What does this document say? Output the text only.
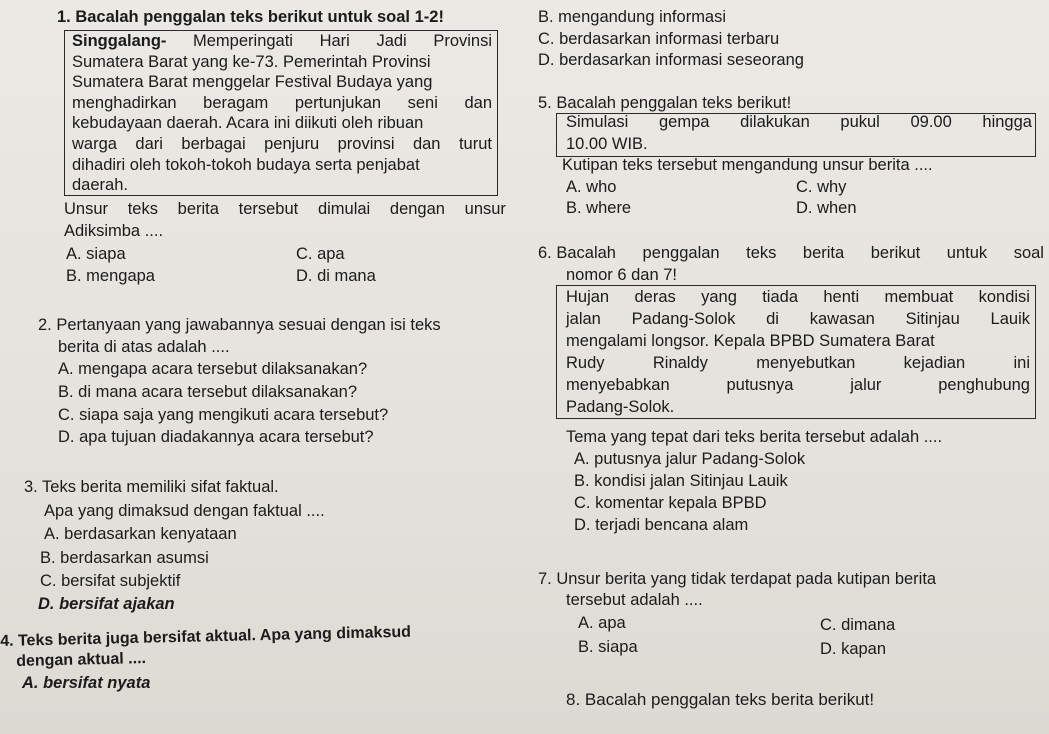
1. Bacalah penggalan teks berikut untuk soal 1-2!
Singgalang- Memperingati Hari Jadi Provinsi
Sumatera Barat yang ke-73. Pemerintah Provinsi
Sumatera Barat menggelar Festival Budaya yang
menghadirkan beragam pertunjukan seni dan
kebudayaan daerah. Acara ini diikuti oleh ribuan
warga dari berbagai penjuru provinsi dan turut
dihadiri oleh tokoh-tokoh budaya serta penjabat
daerah.
Unsur teks berita tersebut dimulai dengan unsur
Adiksimba ....
A. siapa	C. apa
B. mengapa	D. di mana
2. Pertanyaan yang jawabannya sesuai dengan isi teks
berita di atas adalah ....
A. mengapa acara tersebut dilaksanakan?
B. di mana acara tersebut dilaksanakan?
C. siapa saja yang mengikuti acara tersebut?
D. apa tujuan diadakannya acara tersebut?
3. Teks berita memiliki sifat faktual.
Apa yang dimaksud dengan faktual ....
A. berdasarkan kenyataan
B. berdasarkan asumsi
C. bersifat subjektif
D. bersifat ajakan
4. Teks berita juga bersifat aktual. Apa yang dimaksud
dengan aktual ....
A. bersifat nyata
B. mengandung informasi
C. berdasarkan informasi terbaru
D. berdasarkan informasi seseorang
5. Bacalah penggalan teks berikut!
Simulasi gempa dilakukan pukul 09.00 hingga
10.00 WIB.
Kutipan teks tersebut mengandung unsur berita ....
A. who	C. why
B. where	D. when
6. Bacalah penggalan teks berita berikut untuk soal
nomor 6 dan 7!
Hujan deras yang tiada henti membuat kondisi
jalan Padang-Solok di kawasan Sitinjau Lauik
mengalami longsor. Kepala BPBD Sumatera Barat
Rudy	Rinaldy	menyebutkan	kejadian	ini
menyebabkan	putusnya	jalur	penghubung
Padang-Solok.
Tema yang tepat dari teks berita tersebut adalah ....
A. putusnya jalur Padang-Solok
B. kondisi jalan Sitinjau Lauik
C. komentar kepala BPBD
D. terjadi bencana alam
7. Unsur berita yang tidak terdapat pada kutipan berita
tersebut adalah ....
A. apa	C. dimana
B. siapa	D. kapan
8. Bacalah penggalan teks berita berikut!
